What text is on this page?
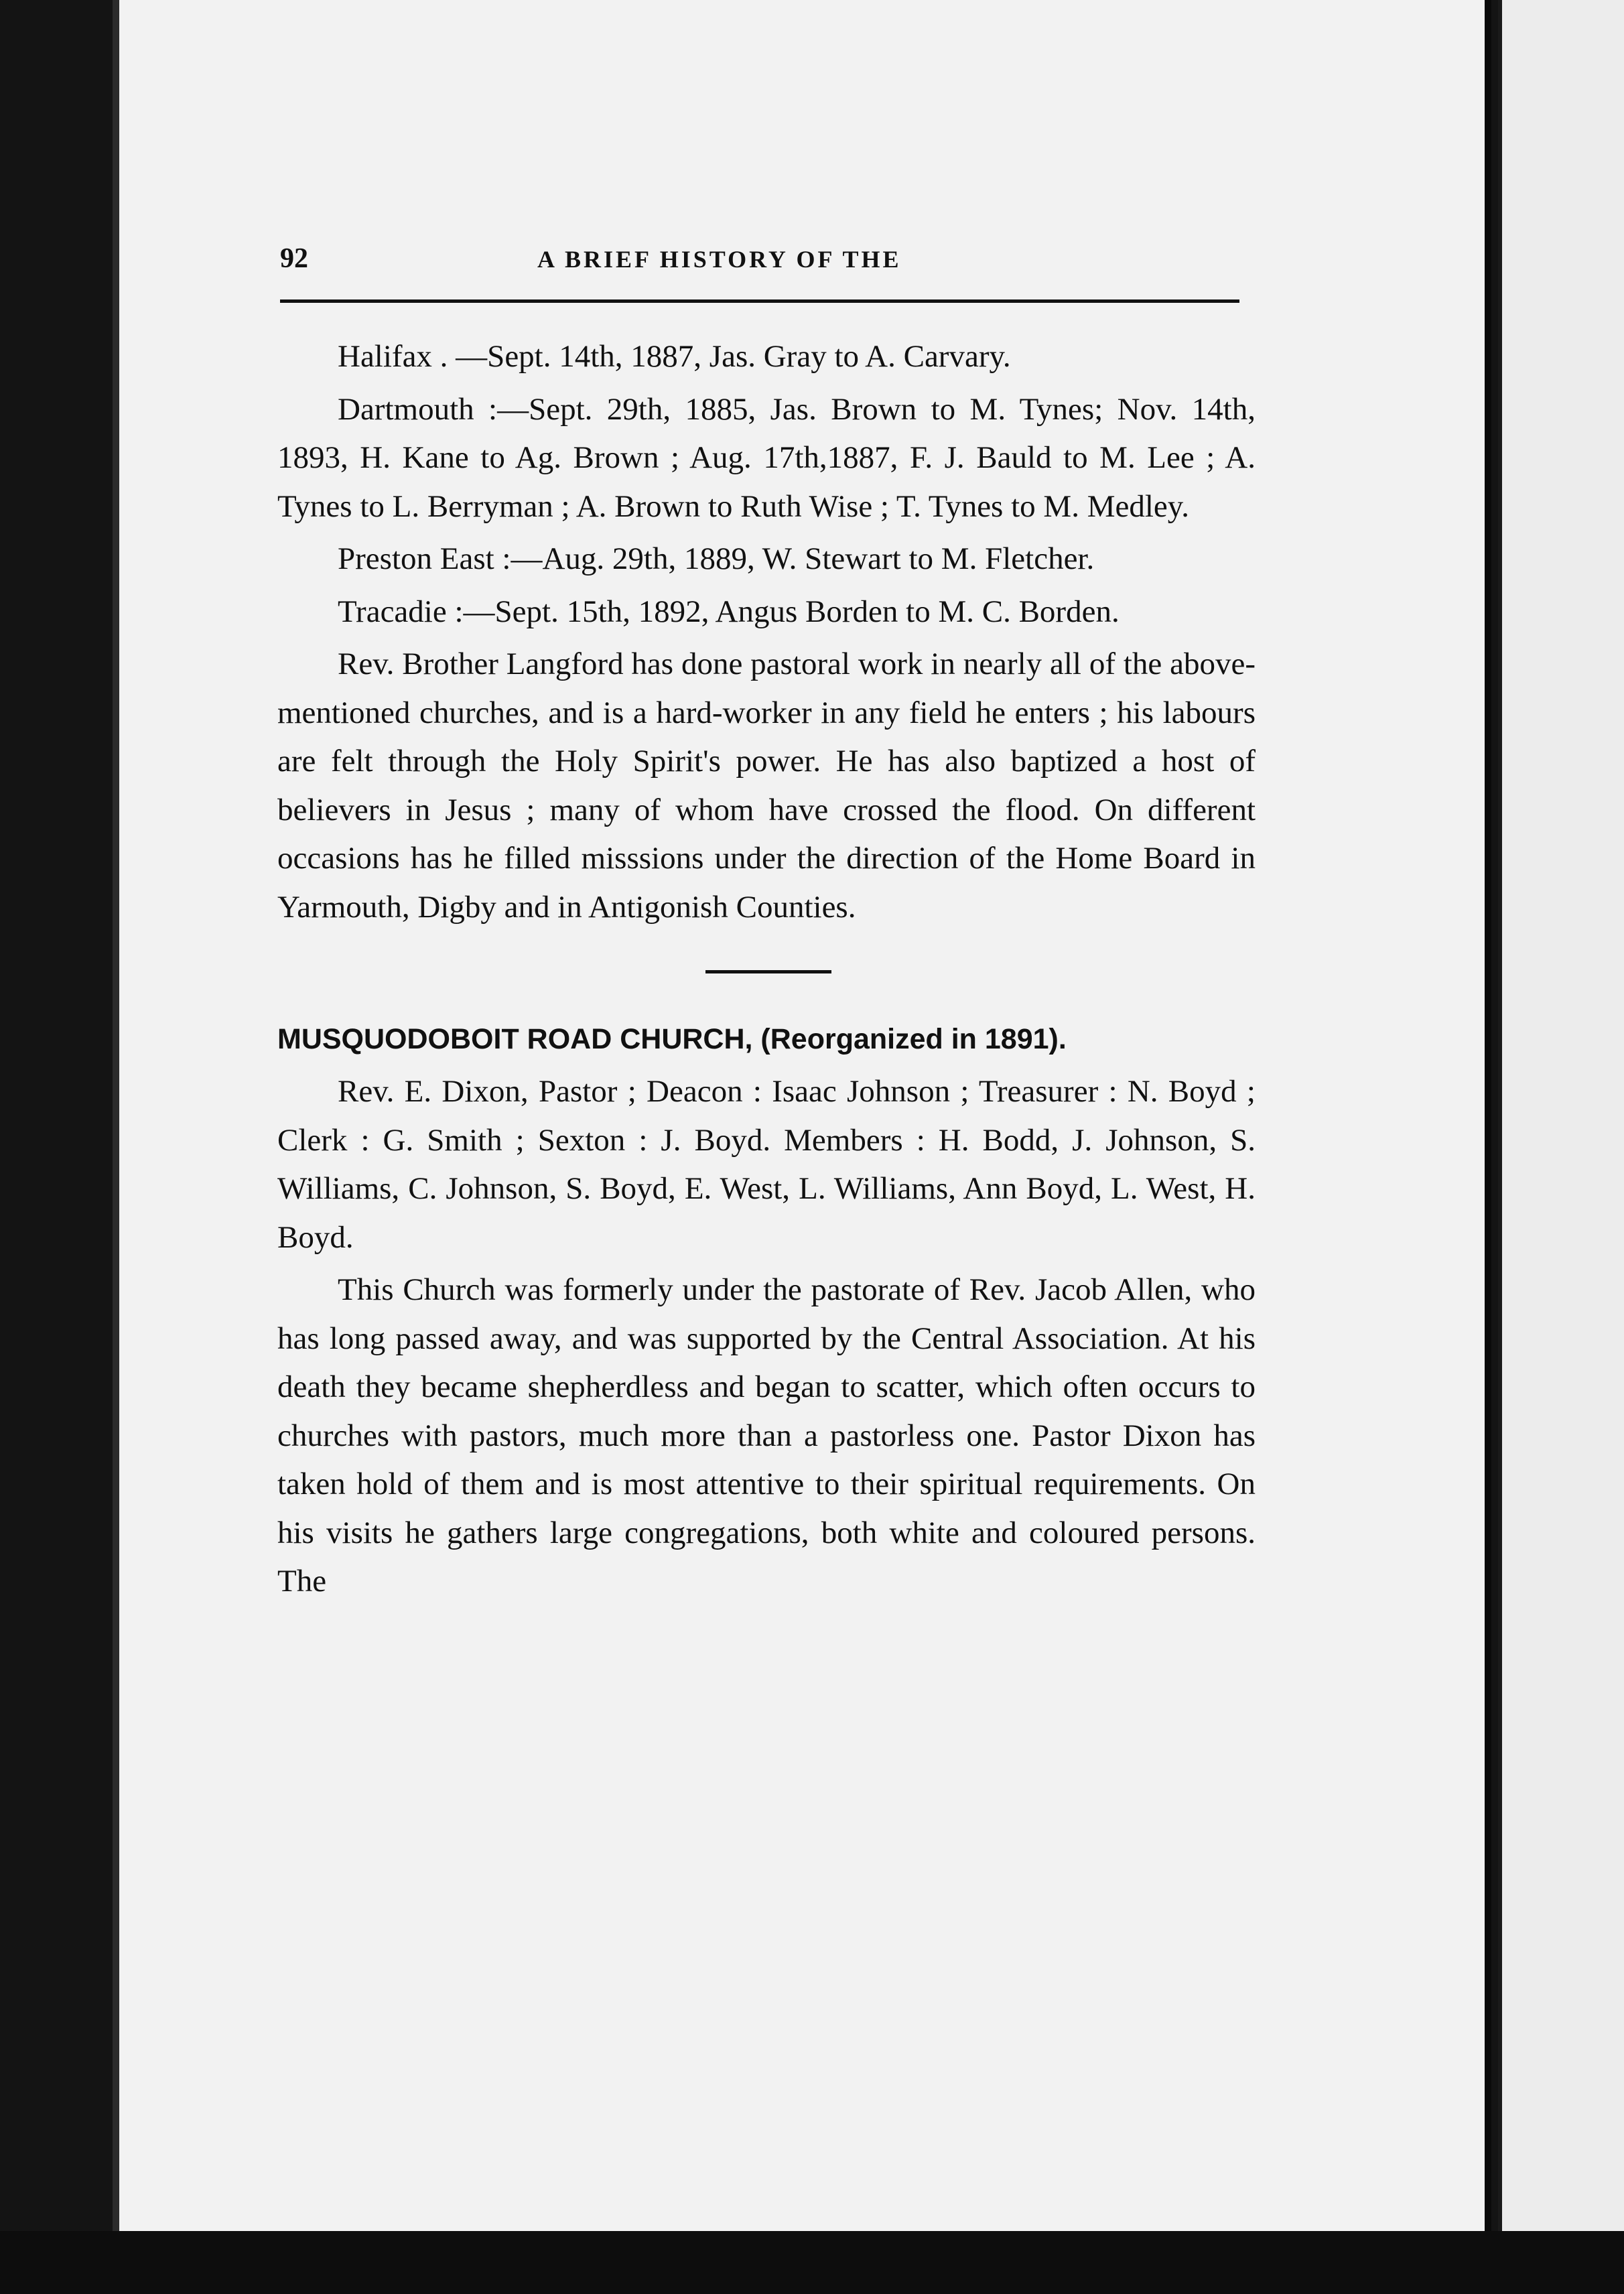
92	A BRIEF HISTORY OF THE

Halifax . —Sept. 14th, 1887, Jas. Gray to A. Carvary.

Dartmouth :—Sept. 29th, 1885, Jas. Brown to M. Tynes; Nov. 14th, 1893, H. Kane to Ag. Brown ; Aug. 17th,1887, F. J. Bauld to M. Lee ; A. Tynes to L. Berryman ; A. Brown to Ruth Wise ; T. Tynes to M. Medley.

Preston East :—Aug. 29th, 1889, W. Stewart to M. Fletcher.

Tracadie :—Sept. 15th, 1892, Angus Borden to M. C. Borden.

Rev. Brother Langford has done pastoral work in nearly all of the above-mentioned churches, and is a hard-worker in any field he enters ; his labours are felt through the Holy Spirit's power. He has also baptized a host of believers in Jesus ; many of whom have crossed the flood. On different occasions has he filled misssions under the direction of the Home Board in Yarmouth, Digby and in Antigonish Counties.

MUSQUODOBOIT ROAD CHURCH, (Reorganized in 1891).

Rev. E. Dixon, Pastor ; Deacon : Isaac Johnson ; Treasurer : N. Boyd ; Clerk : G. Smith ; Sexton : J. Boyd. Members : H. Bodd, J. Johnson, S. Williams, C. Johnson, S. Boyd, E. West, L. Williams, Ann Boyd, L. West, H. Boyd.

This Church was formerly under the pastorate of Rev. Jacob Allen, who has long passed away, and was supported by the Central Association. At his death they became shepherdless and began to scatter, which often occurs to churches with pastors, much more than a pastorless one. Pastor Dixon has taken hold of them and is most attentive to their spiritual requirements. On his visits he gathers large congregations, both white and coloured persons. The
